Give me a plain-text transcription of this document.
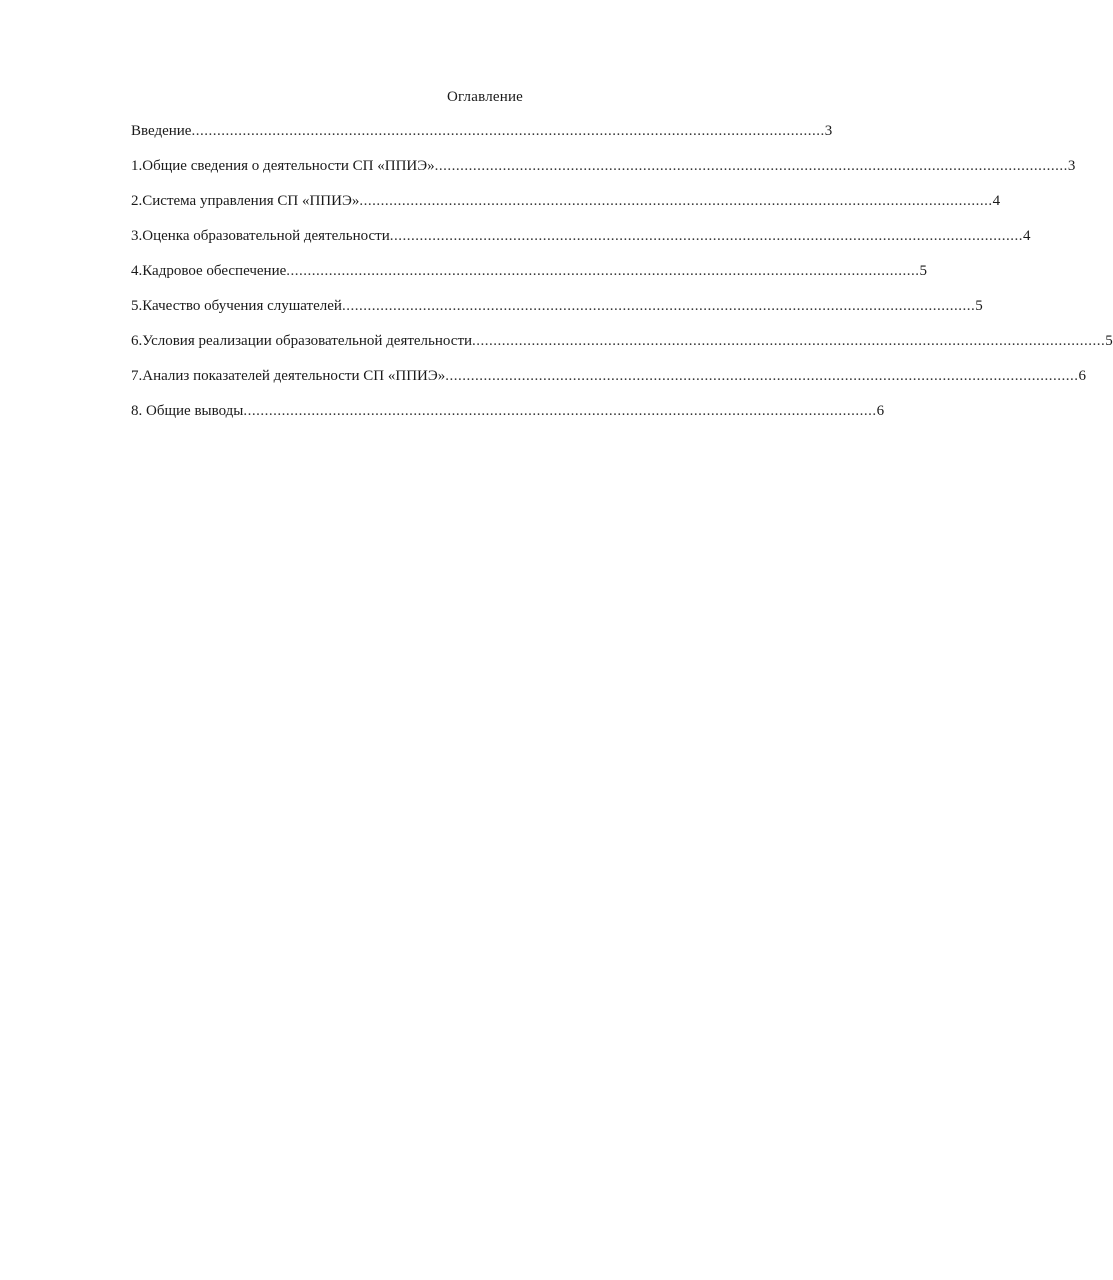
Оглавление
Введение ..................................................................................................................................................... 3
1.Общие сведения о деятельности СП «ППИЭ» ..................................................................................................................................................... 3
2.Система управления СП «ППИЭ» ..................................................................................................................................................... 4
3.Оценка образовательной деятельности ..................................................................................................................................................... 4
4.Кадровое обеспечение ..................................................................................................................................................... 5
5.Качество обучения слушателей ..................................................................................................................................................... 5
6.Условия реализации образовательной деятельности ..................................................................................................................................................... 5
7.Анализ показателей деятельности СП «ППИЭ» ..................................................................................................................................................... 6
8. Общие выводы ..................................................................................................................................................... 6
